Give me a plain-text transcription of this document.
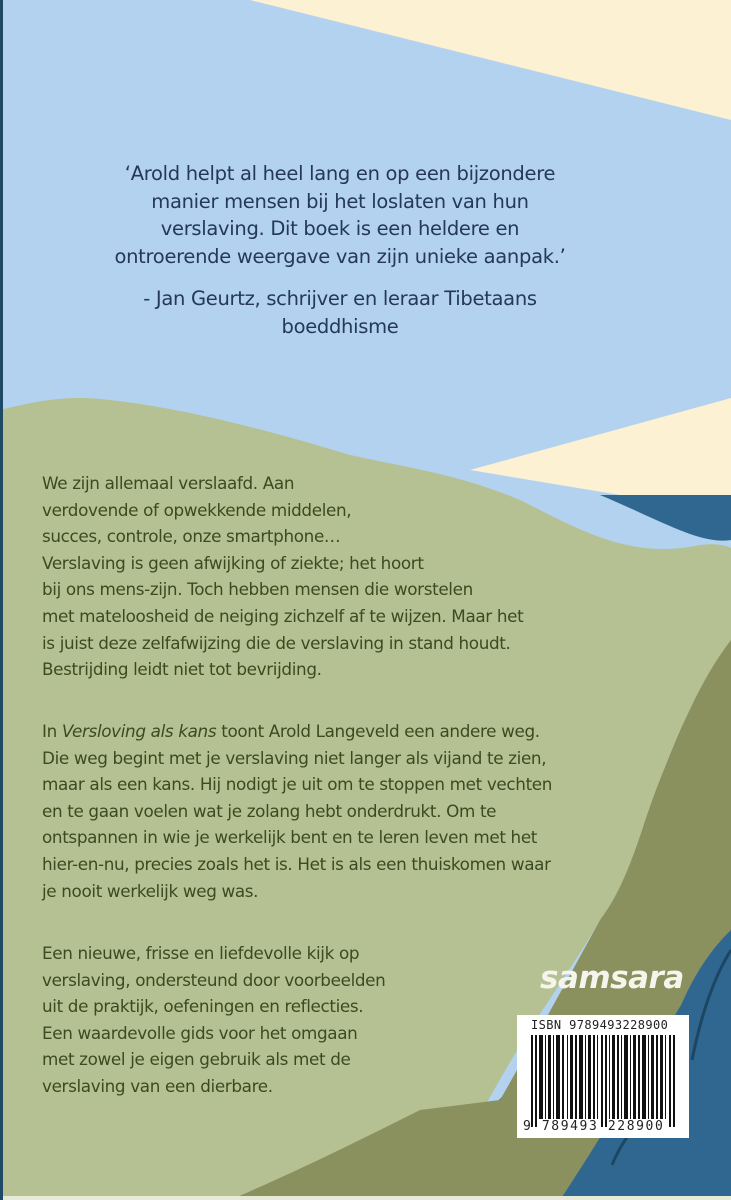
‘Arold helpt al heel lang en op een bijzondere

manier mensen bij het loslaten van hun

verslaving. Dit boek is een heldere en

ontroerende weergave van zijn unieke aanpak.’

- Jan Geurtz, schrijver en leraar Tibetaans

boeddhisme

We zijn allemaal verslaafd. Aan

verdovende of opwekkende middelen,

succes, controle, onze smartphone…

Verslaving is geen afwijking of ziekte; het hoort

bij ons mens-zijn. Toch hebben mensen die worstelen

met mateloosheid de neiging zichzelf af te wijzen. Maar het

is juist deze zelfafwijzing die de verslaving in stand houdt.

Bestrijding leidt niet tot bevrijding.

In Versloving als kans toont Arold Langeveld een andere weg.

Die weg begint met je verslaving niet langer als vijand te zien,

maar als een kans. Hij nodigt je uit om te stoppen met vechten

en te gaan voelen wat je zolang hebt onderdrukt. Om te

ontspannen in wie je werkelijk bent en te leren leven met het

hier-en-nu, precies zoals het is. Het is als een thuiskomen waar

je nooit werkelijk weg was.

Een nieuwe, frisse en liefdevolle kijk op

verslaving, ondersteund door voorbeelden

uit de praktijk, oefeningen en reflecties.

Een waardevolle gids voor het omgaan

met zowel je eigen gebruik als met de

verslaving van een dierbare.

samsara
ISBN 9789493228900
9 789493 228900
